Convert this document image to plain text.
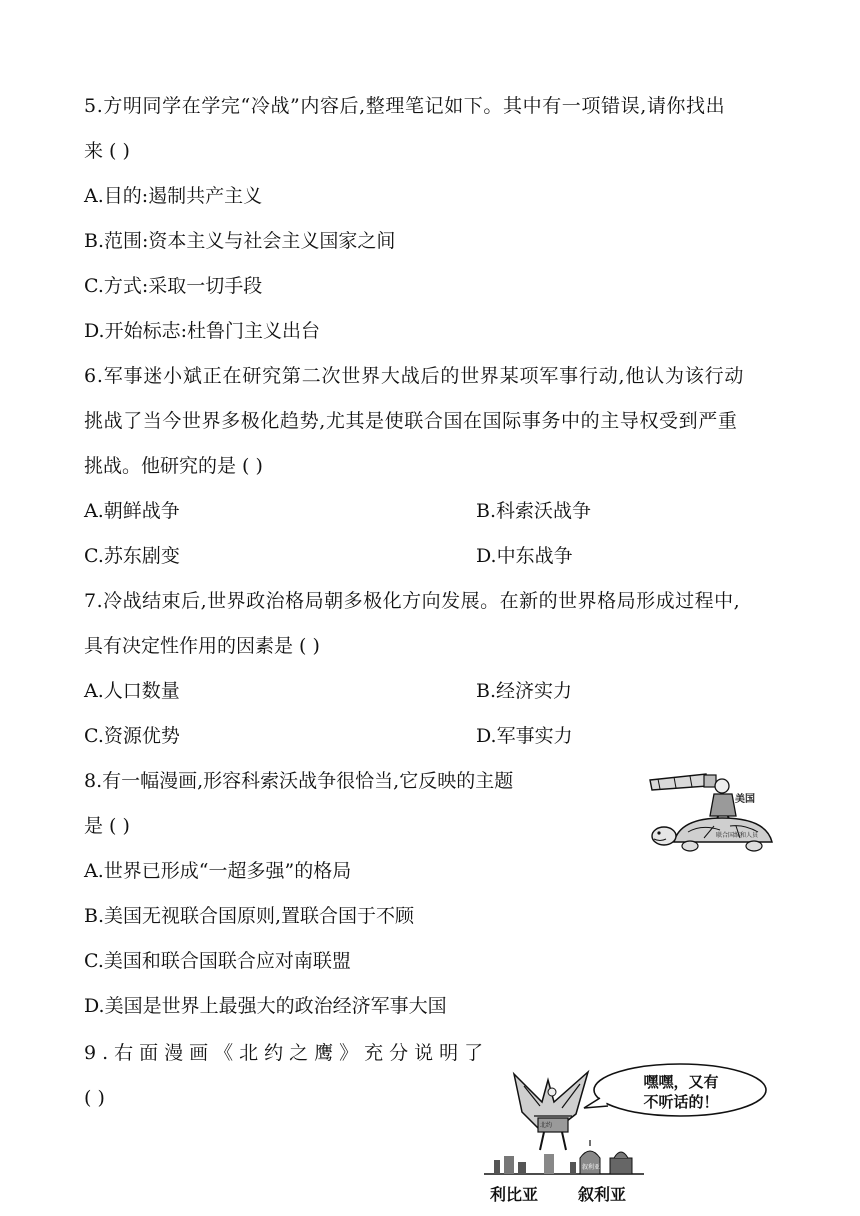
5.方明同学在学完“冷战”内容后,整理笔记如下。其中有一项错误,请你找出
来 ( )
A.目的:遏制共产主义
B.范围:资本主义与社会主义国家之间
C.方式:采取一切手段
D.开始标志:杜鲁门主义出台
6.军事迷小斌正在研究第二次世界大战后的世界某项军事行动,他认为该行动
挑战了当今世界多极化趋势,尤其是使联合国在国际事务中的主导权受到严重
挑战。他研究的是 ( )
A.朝鲜战争	B.科索沃战争
C.苏东剧变	D.中东战争
7.冷战结束后,世界政治格局朝多极化方向发展。在新的世界格局形成过程中,
具有决定性作用的因素是 ( )
A.人口数量	B.经济实力
C.资源优势	D.军事实力
8.有一幅漫画,形容科索沃战争很恰当,它反映的主题
是 ( )
A.世界已形成“一超多强”的格局
B.美国无视联合国原则,置联合国于不顾
C.美国和联合国联合应对南联盟
D.美国是世界上最强大的政治经济军事大国
美国
联合国维和人员
9.右面漫画《北约之鹰》充分说明了
( )
嘿嘿，又有
不听话的！
北约
叙利亚
利比亚 叙利亚
